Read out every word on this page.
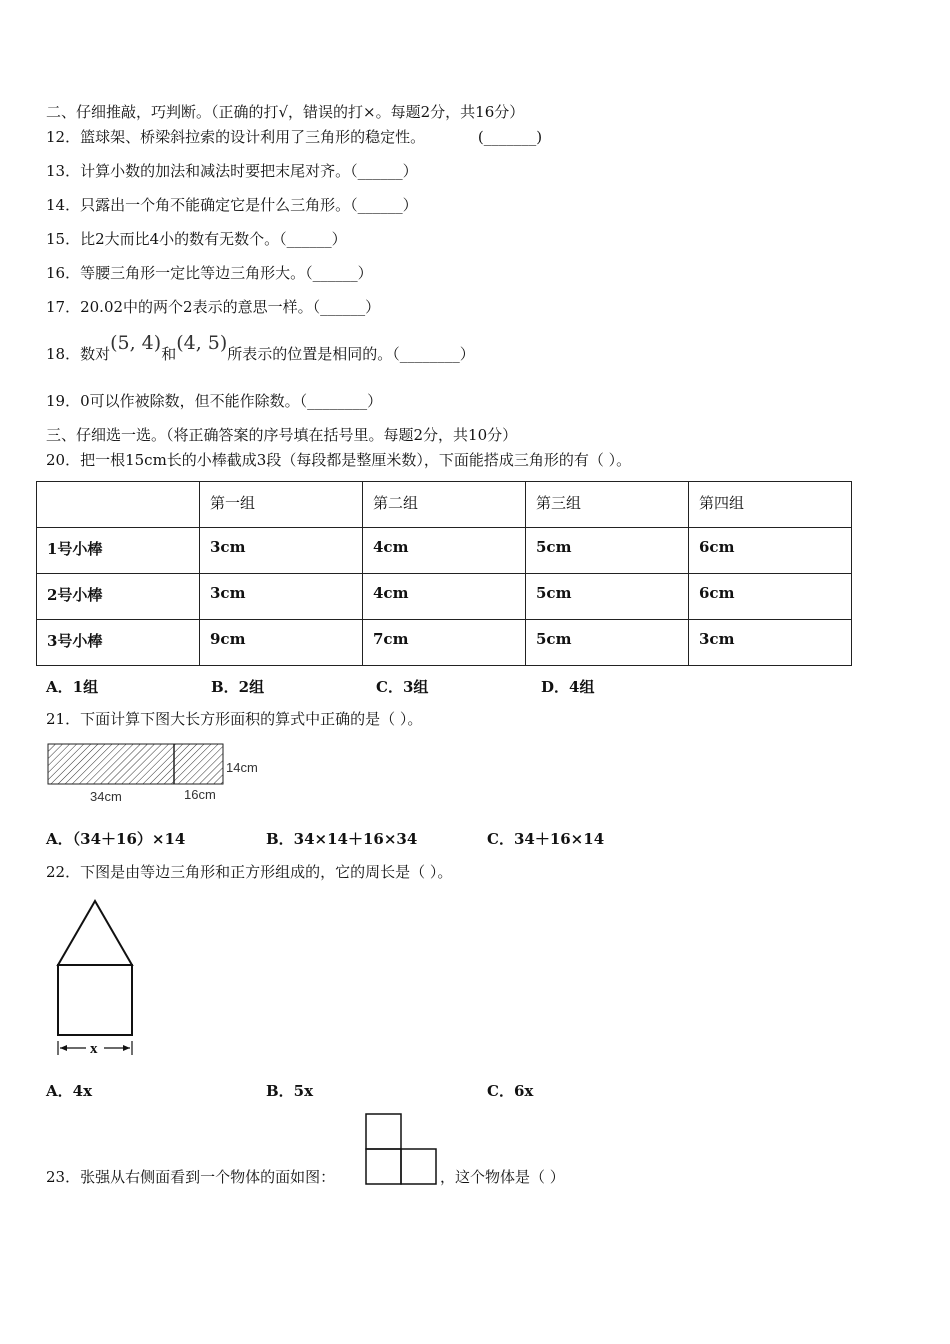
二、仔细推敲，巧判断。（正确的打√，错误的打×。每题2分，共16分）
12．篮球架、桥梁斜拉索的设计利用了三角形的稳定性。	(_______)
13．计算小数的加法和减法时要把末尾对齐。（______）
14．只露出一个角不能确定它是什么三角形。（______）
15．比2大而比4小的数有无数个。（______）
16．等腰三角形一定比等边三角形大。（______）
17．20.02中的两个2表示的意思一样。（______）
18．数对(5, 4)和(4, 5)所表示的位置是相同的。（________）
19．0可以作被除数，但不能作除数。（________）
三、仔细选一选。（将正确答案的序号填在括号里。每题2分，共10分）
20．把一根15cm长的小棒截成3段（每段都是整厘米数），下面能搭成三角形的有（ ）。
	第一组	第二组	第三组	第四组
1号小棒	3cm	4cm	5cm	6cm
2号小棒	3cm	4cm	5cm	6cm
3号小棒	9cm	7cm	5cm	3cm
A．1组	B．2组	C．3组	D．4组
21．下面计算下图大长方形面积的算式中正确的是（ ）。
14cm
34cm	16cm
A．（34＋16）×14	B．34×14＋16×34	C．34＋16×14
22．下图是由等边三角形和正方形组成的，它的周长是（ ）。
x
A．4x	B．5x	C．6x
23．张强从右侧面看到一个物体的面如图：	，这个物体是（ ）
